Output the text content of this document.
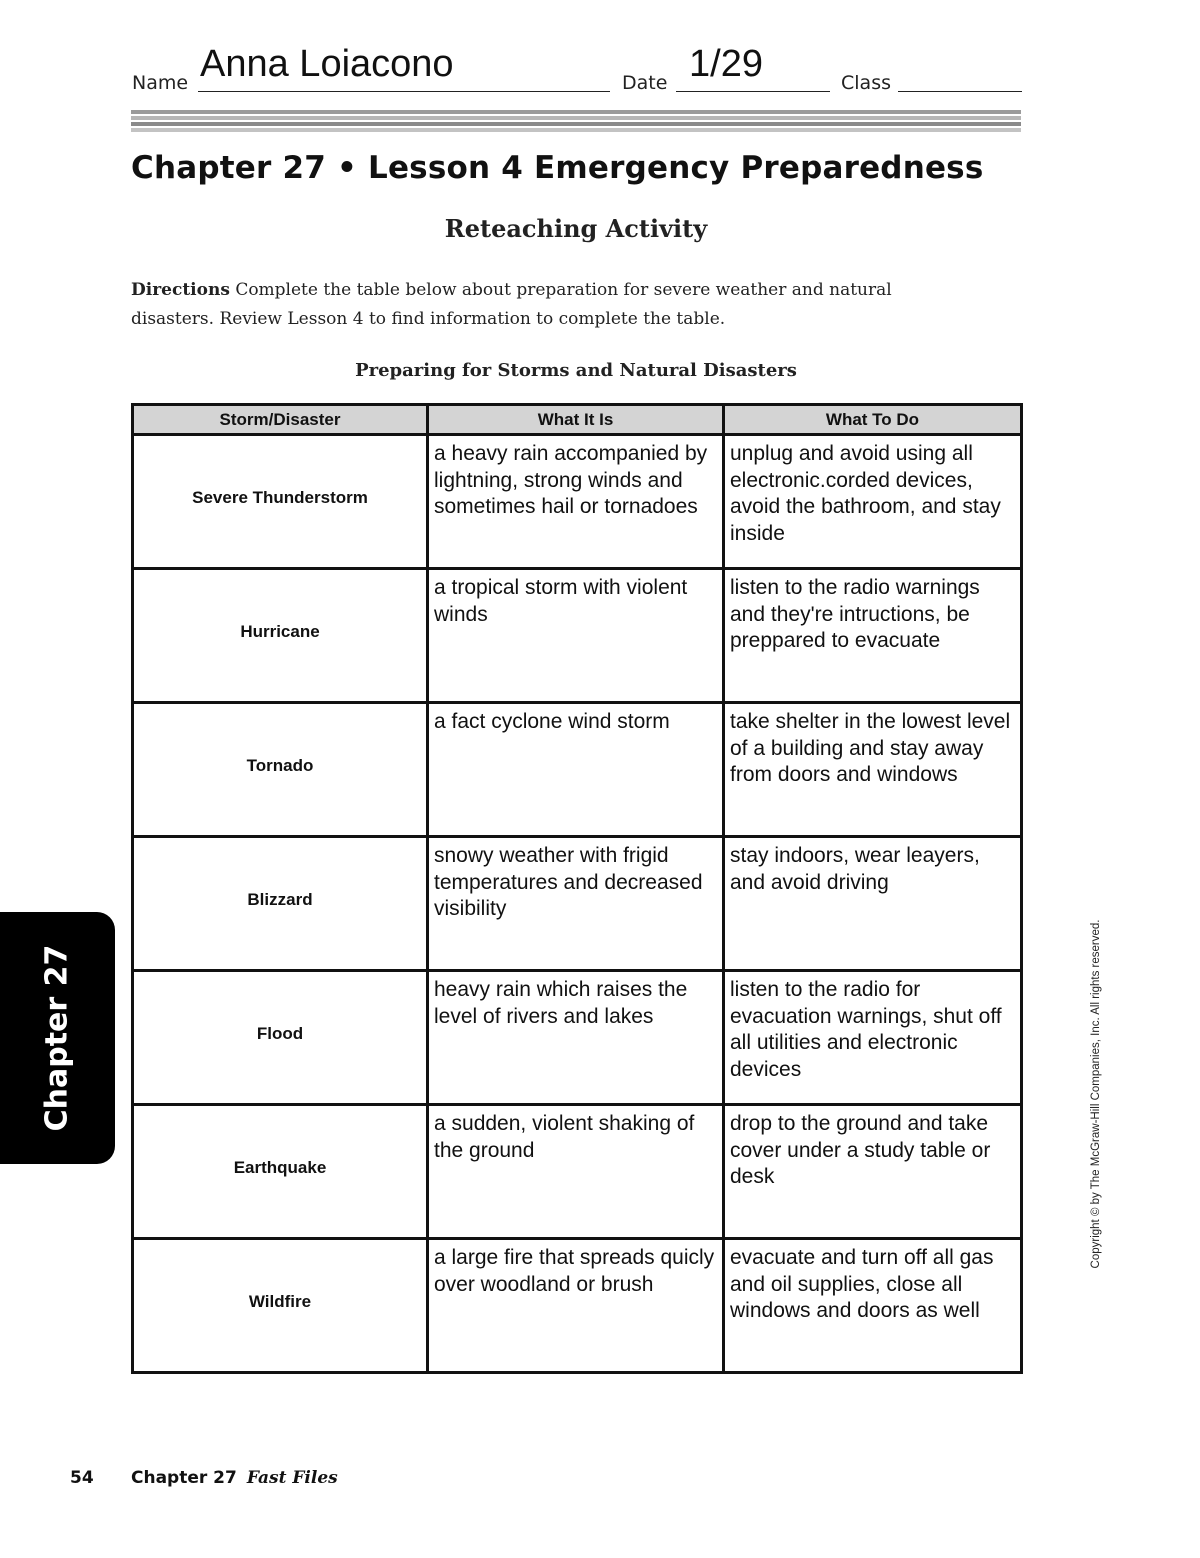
Name Anna Loiacono	Date 1/29	Class
Chapter 27 • Lesson 4 Emergency Preparedness
Reteaching Activity
Directions Complete the table below about preparation for severe weather and natural disasters. Review Lesson 4 to find information to complete the table.
Preparing for Storms and Natural Disasters
Storm/Disaster	What It Is	What To Do
Severe Thunderstorm	a heavy rain accompanied by lightning, strong winds and sometimes hail or tornadoes	unplug and avoid using all electronic.corded devices, avoid the bathroom, and stay inside
Hurricane	a tropical storm with violent winds	listen to the radio warnings and they're intructions, be preppared to evacuate
Tornado	a fact cyclone wind storm	take shelter in the lowest level of a building and stay away from doors and windows
Blizzard	snowy weather with frigid temperatures and decreased visibility	stay indoors, wear leayers, and avoid driving
Flood	heavy rain which raises the level of rivers and lakes	listen to the radio for evacuation warnings, shut off all utilities and electronic devices
Earthquake	a sudden, violent shaking of the ground	drop to the ground and take cover under a study table or desk
Wildfire	a large fire that spreads quicly over woodland or brush	evacuate and turn off all gas and oil supplies, close all windows and doors as well
Chapter 27	Copyright © by The McGraw-Hill Companies, Inc. All rights reserved.
54 Chapter 27 Fast Files
